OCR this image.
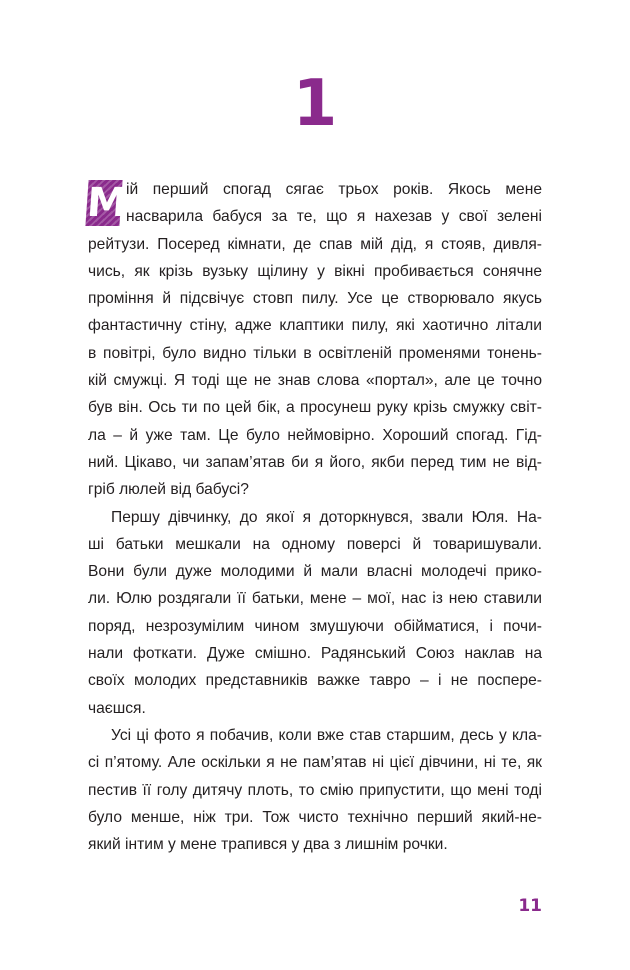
1
М
ій перший спогад сягає трьох років. Якось мене
насварила бабуся за те, що я нахезав у свої зелені
рейтузи. Посеред кімнати, де спав мій дід, я стояв, дивля-
чись, як крізь вузьку щілину у вікні пробивається сонячне
проміння й підсвічує стовп пилу. Усе це створювало якусь
фантастичну стіну, адже клаптики пилу, які хаотично літали
в повітрі, було видно тільки в освітленій променями тонень-
кій смужці. Я тоді ще не знав слова «портал», але це точно
був він. Ось ти по цей бік, а просунеш руку крізь смужку світ-
ла – й уже там. Це було неймовірно. Хороший спогад. Гід-
ний. Цікаво, чи запам’ятав би я його, якби перед тим не від-
гріб люлей від бабусі?
Першу дівчинку, до якої я доторкнувся, звали Юля. На-
ші батьки мешкали на одному поверсі й товаришували.
Вони були дуже молодими й мали власні молодечі прико-
ли. Юлю роздягали її батьки, мене – мої, нас із нею ставили
поряд, незрозумілим чином змушуючи обійматися, і почи-
нали фоткати. Дуже смішно. Радянський Союз наклав на
своїх молодих представників важке тавро – і не поспере-
чаєшся.
Усі ці фото я побачив, коли вже став старшим, десь у кла-
сі п’ятому. Але оскільки я не пам’ятав ні цієї дівчини, ні те, як
пестив її голу дитячу плоть, то смію припустити, що мені тоді
було менше, ніж три. Тож чисто технічно перший який-не-
який інтим у мене трапився у два з лишнім рочки.
11
